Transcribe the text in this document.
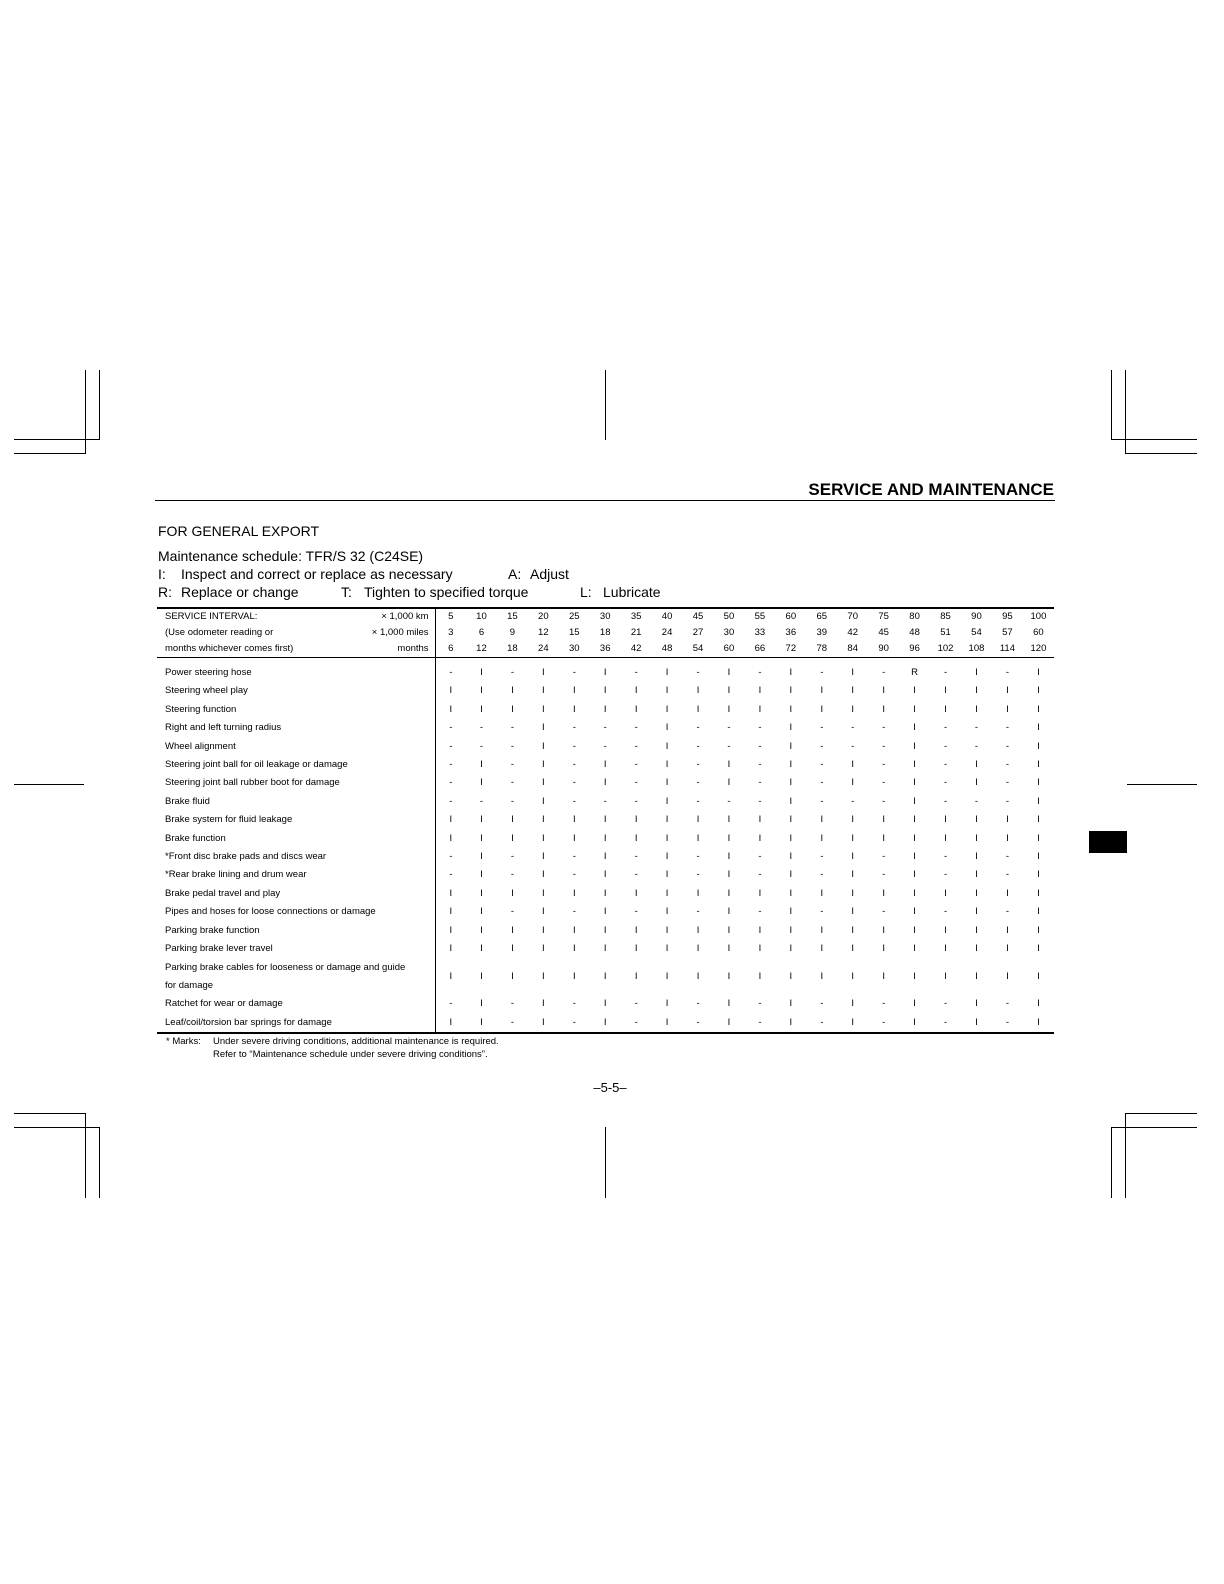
SERVICE AND MAINTENANCE
FOR GENERAL EXPORT
Maintenance schedule: TFR/S 32 (C24SE)
I: Inspect and correct or replace as necessary	A: Adjust
R: Replace or change	T: Tighten to specified torque	L: Lubricate
SERVICE INTERVAL:	× 1,000 km	5	10	15	20	25	30	35	40	45	50	55	60	65	70	75	80	85	90	95	100
(Use odometer reading or	× 1,000 miles	3	6	9	12	15	18	21	24	27	30	33	36	39	42	45	48	51	54	57	60
months whichever comes first)	months	6	12	18	24	30	36	42	48	54	60	66	72	78	84	90	96	102	108	114	120
Power steering hose		-	I	-	I	-	I	-	I	-	I	-	I	-	I	-	R	-	I	-	I
Steering wheel play		I	I	I	I	I	I	I	I	I	I	I	I	I	I	I	I	I	I	I	I
Steering function		I	I	I	I	I	I	I	I	I	I	I	I	I	I	I	I	I	I	I	I
Right and left turning radius		-	-	-	I	-	-	-	I	-	-	-	I	-	-	-	I	-	-	-	I
Wheel alignment		-	-	-	I	-	-	-	I	-	-	-	I	-	-	-	I	-	-	-	I
Steering joint ball for oil leakage or damage		-	I	-	I	-	I	-	I	-	I	-	I	-	I	-	I	-	I	-	I
Steering joint ball rubber boot for damage		-	I	-	I	-	I	-	I	-	I	-	I	-	I	-	I	-	I	-	I
Brake fluid		-	-	-	I	-	-	-	I	-	-	-	I	-	-	-	I	-	-	-	I
Brake system for fluid leakage		I	I	I	I	I	I	I	I	I	I	I	I	I	I	I	I	I	I	I	I
Brake function		I	I	I	I	I	I	I	I	I	I	I	I	I	I	I	I	I	I	I	I
*Front disc brake pads and discs wear		-	I	-	I	-	I	-	I	-	I	-	I	-	I	-	I	-	I	-	I
*Rear brake lining and drum wear		-	I	-	I	-	I	-	I	-	I	-	I	-	I	-	I	-	I	-	I
Brake pedal travel and play		I	I	I	I	I	I	I	I	I	I	I	I	I	I	I	I	I	I	I	I
Pipes and hoses for loose connections or damage		I	I	-	I	-	I	-	I	-	I	-	I	-	I	-	I	-	I	-	I
Parking brake function		I	I	I	I	I	I	I	I	I	I	I	I	I	I	I	I	I	I	I	I
Parking brake lever travel		I	I	I	I	I	I	I	I	I	I	I	I	I	I	I	I	I	I	I	I
Parking brake cables for looseness or damage and guide
for damage		I	I	I	I	I	I	I	I	I	I	I	I	I	I	I	I	I	I	I	I
Ratchet for wear or damage		-	I	-	I	-	I	-	I	-	I	-	I	-	I	-	I	-	I	-	I
Leaf/coil/torsion bar springs for damage		I	I	-	I	-	I	-	I	-	I	-	I	-	I	-	I	-	I	-	I
* Marks: Under severe driving conditions, additional maintenance is required.
Refer to “Maintenance schedule under severe driving conditions”.
–5-5–
